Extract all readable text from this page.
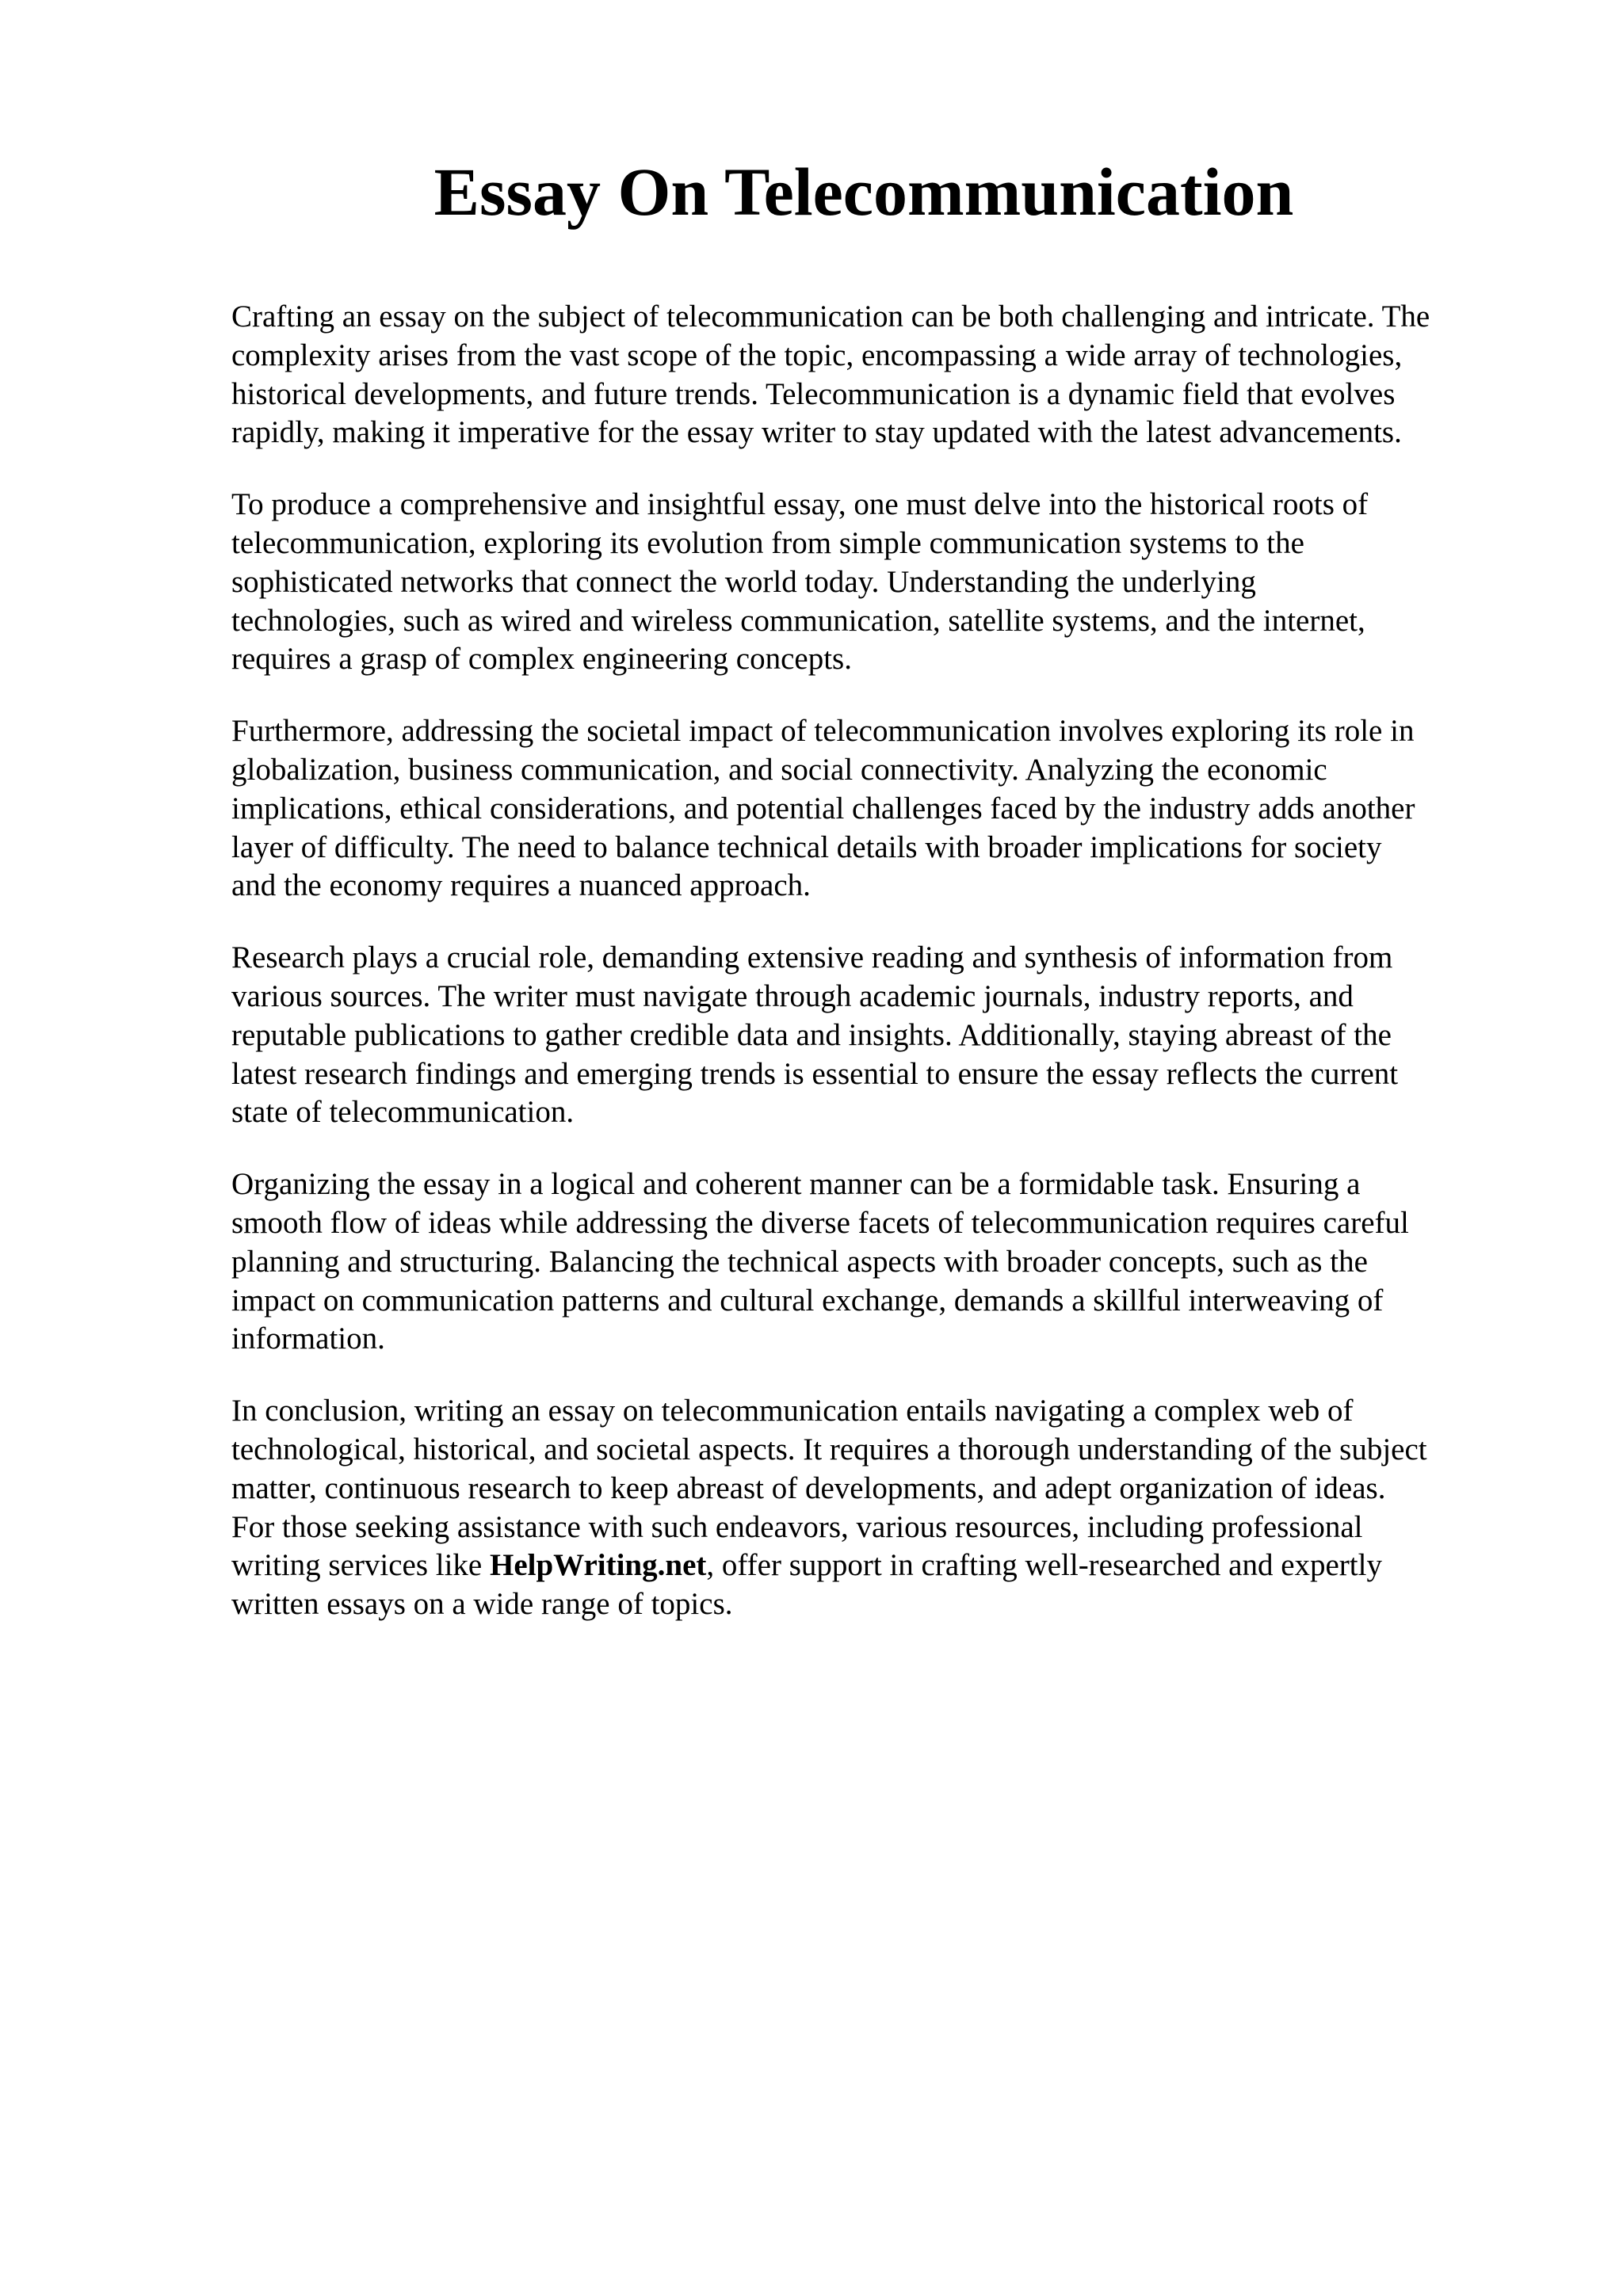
Essay On Telecommunication

Crafting an essay on the subject of telecommunication can be both challenging and intricate. The
complexity arises from the vast scope of the topic, encompassing a wide array of technologies,
historical developments, and future trends. Telecommunication is a dynamic field that evolves
rapidly, making it imperative for the essay writer to stay updated with the latest advancements.

To produce a comprehensive and insightful essay, one must delve into the historical roots of
telecommunication, exploring its evolution from simple communication systems to the
sophisticated networks that connect the world today. Understanding the underlying
technologies, such as wired and wireless communication, satellite systems, and the internet,
requires a grasp of complex engineering concepts.

Furthermore, addressing the societal impact of telecommunication involves exploring its role in
globalization, business communication, and social connectivity. Analyzing the economic
implications, ethical considerations, and potential challenges faced by the industry adds another
layer of difficulty. The need to balance technical details with broader implications for society
and the economy requires a nuanced approach.

Research plays a crucial role, demanding extensive reading and synthesis of information from
various sources. The writer must navigate through academic journals, industry reports, and
reputable publications to gather credible data and insights. Additionally, staying abreast of the
latest research findings and emerging trends is essential to ensure the essay reflects the current
state of telecommunication.

Organizing the essay in a logical and coherent manner can be a formidable task. Ensuring a
smooth flow of ideas while addressing the diverse facets of telecommunication requires careful
planning and structuring. Balancing the technical aspects with broader concepts, such as the
impact on communication patterns and cultural exchange, demands a skillful interweaving of
information.

In conclusion, writing an essay on telecommunication entails navigating a complex web of
technological, historical, and societal aspects. It requires a thorough understanding of the subject
matter, continuous research to keep abreast of developments, and adept organization of ideas.
For those seeking assistance with such endeavors, various resources, including professional
writing services like HelpWriting.net, offer support in crafting well-researched and expertly
written essays on a wide range of topics.
